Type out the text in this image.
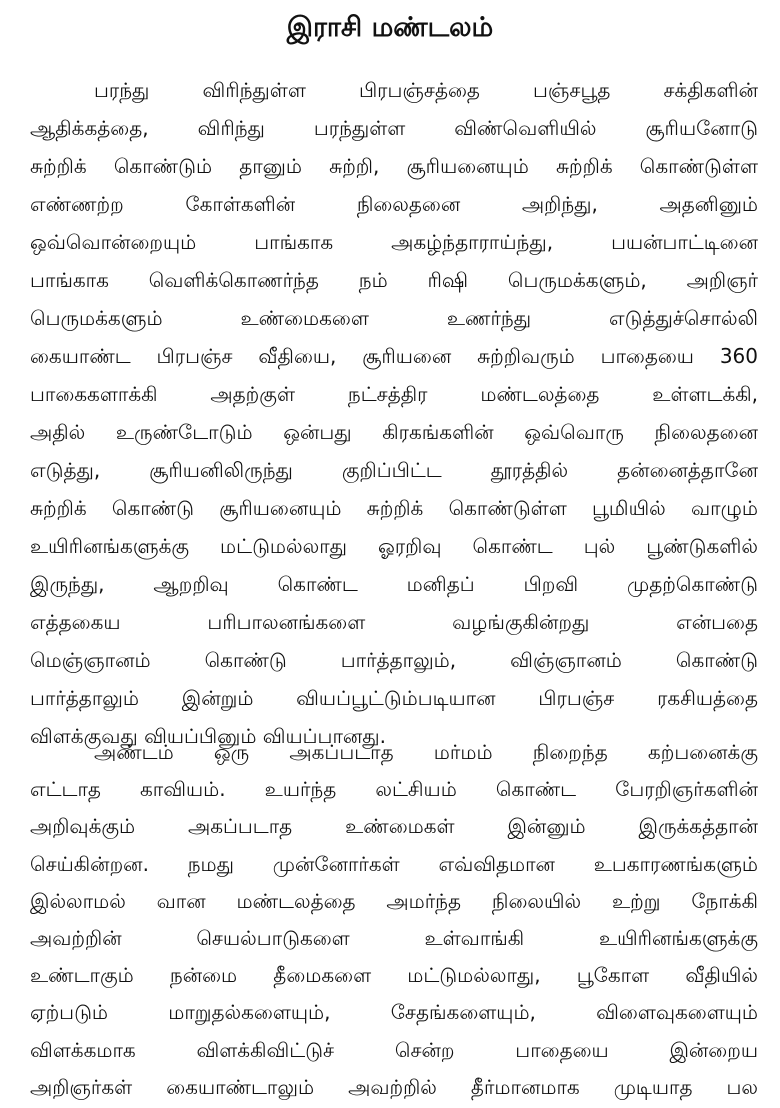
இராசி மண்டலம்
பரந்து விரிந்துள்ள பிரபஞ்சத்தை பஞ்சபூத சக்திகளின்
ஆதிக்கத்தை, விரிந்து பரந்துள்ள விண்வெளியில் சூரியனோடு
சுற்றிக் கொண்டும் தானும் சுற்றி, சூரியனையும் சுற்றிக் கொண்டுள்ள
எண்ணற்ற கோள்களின் நிலைதனை அறிந்து, அதனினும்
ஒவ்வொன்றையும் பாங்காக அகழ்ந்தாராய்ந்து, பயன்பாட்டினை
பாங்காக வெளிக்கொணர்ந்த நம் ரிஷி பெருமக்களும், அறிஞர்
பெருமக்களும் உண்மைகளை உணர்ந்து எடுத்துச்சொல்லி
கையாண்ட பிரபஞ்ச வீதியை, சூரியனை சுற்றிவரும் பாதையை 360
பாகைகளாக்கி அதற்குள் நட்சத்திர மண்டலத்தை உள்ளடக்கி,
அதில் உருண்டோடும் ஒன்பது கிரகங்களின் ஒவ்வொரு நிலைதனை
எடுத்து, சூரியனிலிருந்து குறிப்பிட்ட தூரத்தில் தன்னைத்தானே
சுற்றிக் கொண்டு சூரியனையும் சுற்றிக் கொண்டுள்ள பூமியில் வாழும்
உயிரினங்களுக்கு மட்டுமல்லாது ஓரறிவு கொண்ட புல் பூண்டுகளில்
இருந்து, ஆறறிவு கொண்ட மனிதப் பிறவி முதற்கொண்டு
எத்தகைய பரிபாலனங்களை வழங்குகின்றது என்பதை
மெஞ்ஞானம் கொண்டு பார்த்தாலும், விஞ்ஞானம் கொண்டு
பார்த்தாலும் இன்றும் வியப்பூட்டும்படியான பிரபஞ்ச ரகசியத்தை
விளக்குவது வியப்பினும் வியப்பானது.
அண்டம் ஒரு அகப்படாத மர்மம் நிறைந்த கற்பனைக்கு
எட்டாத காவியம். உயர்ந்த லட்சியம் கொண்ட பேரறிஞர்களின்
அறிவுக்கும் அகப்படாத உண்மைகள் இன்னும் இருக்கத்தான்
செய்கின்றன. நமது முன்னோர்கள் எவ்விதமான உபகாரணங்களும்
இல்லாமல் வான மண்டலத்தை அமர்ந்த நிலையில் உற்று நோக்கி
அவற்றின் செயல்பாடுகளை உள்வாங்கி உயிரினங்களுக்கு
உண்டாகும் நன்மை தீமைகளை மட்டுமல்லாது, பூகோள வீதியில்
ஏற்படும் மாறுதல்களையும், சேதங்களையும், விளைவுகளையும்
விளக்கமாக விளக்கிவிட்டுச் சென்ற பாதையை இன்றைய
அறிஞர்கள் கையாண்டாலும் அவற்றில் தீர்மானமாக முடியாத பல
